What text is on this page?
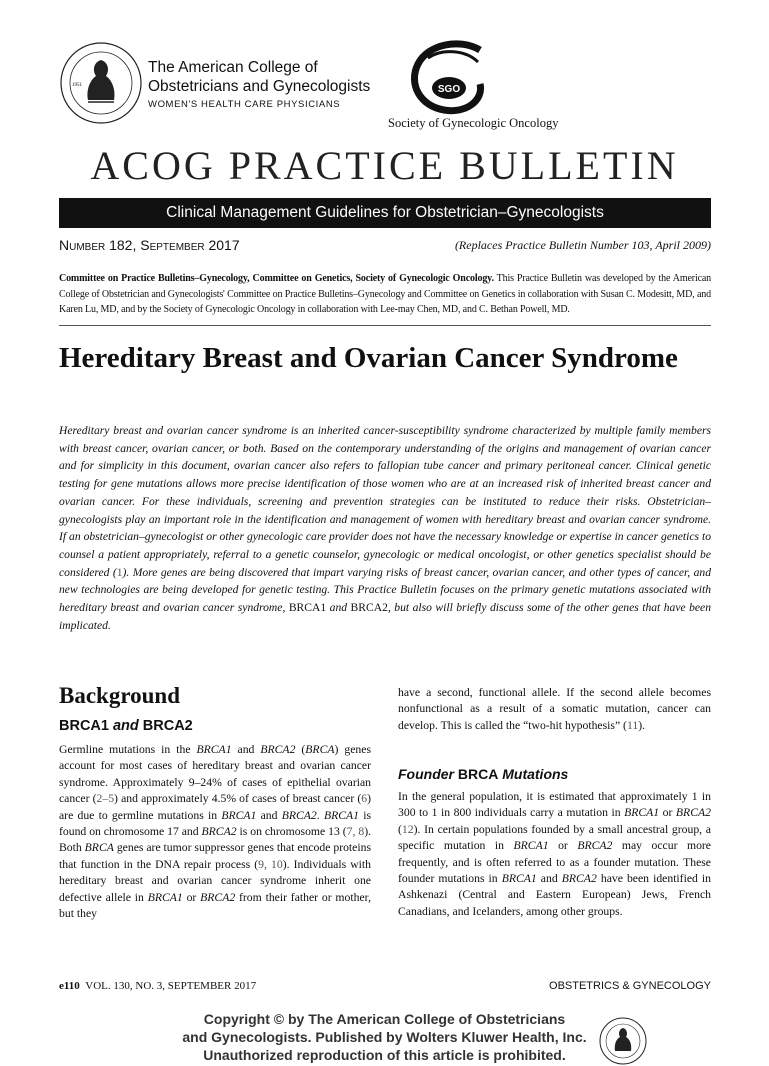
1951
The American College of
Obstetricians and Gynecologists
WOMEN'S HEALTH CARE PHYSICIANS
SGO
Society of Gynecologic Oncology
ACOG PRACTICE BULLETIN
Clinical Management Guidelines for Obstetrician–Gynecologists
Number 182, September 2017	(Replaces Practice Bulletin Number 103, April 2009)
Committee on Practice Bulletins–Gynecology, Committee on Genetics, Society of Gynecologic Oncology. This Practice Bulletin was developed by the American College of Obstetrician and Gynecologists' Committee on Practice Bulletins–Gynecology and Committee on Genetics in collaboration with Susan C. Modesitt, MD, and Karen Lu, MD, and by the Society of Gynecologic Oncology in collaboration with Lee-may Chen, MD, and C. Bethan Powell, MD.
Hereditary Breast and Ovarian Cancer Syndrome
Hereditary breast and ovarian cancer syndrome is an inherited cancer-susceptibility syndrome characterized by multiple family members with breast cancer, ovarian cancer, or both. Based on the contemporary understanding of the origins and management of ovarian cancer and for simplicity in this document, ovarian cancer also refers to fallopian tube cancer and primary peritoneal cancer. Clinical genetic testing for gene mutations allows more precise identification of those women who are at an increased risk of inherited breast cancer and ovarian cancer. For these individuals, screening and prevention strategies can be instituted to reduce their risks. Obstetrician–gynecologists play an important role in the identification and management of women with hereditary breast and ovarian cancer syndrome. If an obstetrician–gynecologist or other gynecologic care provider does not have the necessary knowledge or expertise in cancer genetics to counsel a patient appropriately, referral to a genetic counselor, gynecologic or medical oncologist, or other genetics specialist should be considered (1). More genes are being discovered that impart varying risks of breast cancer, ovarian cancer, and other types of cancer, and new technologies are being developed for genetic testing. This Practice Bulletin focuses on the primary genetic mutations associated with hereditary breast and ovarian cancer syndrome, BRCA1 and BRCA2, but also will briefly discuss some of the other genes that have been implicated.
Background
BRCA1 and BRCA2
Germline mutations in the BRCA1 and BRCA2 (BRCA) genes account for most cases of hereditary breast and ovarian cancer syndrome. Approximately 9–24% of cases of epithelial ovarian cancer (2–5) and approximately 4.5% of cases of breast cancer (6) are due to germline mutations in BRCA1 and BRCA2. BRCA1 is found on chromosome 17 and BRCA2 is on chromosome 13 (7, 8). Both BRCA genes are tumor suppressor genes that encode proteins that function in the DNA repair process (9, 10). Individuals with hereditary breast and ovarian cancer syndrome inherit one defective allele in BRCA1 or BRCA2 from their father or mother, but they
have a second, functional allele. If the second allele becomes nonfunctional as a result of a somatic mutation, cancer can develop. This is called the “two-hit hypothesis” (11).
Founder BRCA Mutations
In the general population, it is estimated that approximately 1 in 300 to 1 in 800 individuals carry a mutation in BRCA1 or BRCA2 (12). In certain populations founded by a small ancestral group, a specific mutation in BRCA1 or BRCA2 may occur more frequently, and is often referred to as a founder mutation. These founder mutations in BRCA1 and BRCA2 have been identified in Ashkenazi (Central and Eastern European) Jews, French Canadians, and Icelanders, among other groups.
e110 VOL. 130, NO. 3, SEPTEMBER 2017	OBSTETRICS & GYNECOLOGY
Copyright © by The American College of Obstetricians
and Gynecologists. Published by Wolters Kluwer Health, Inc.
Unauthorized reproduction of this article is prohibited.
